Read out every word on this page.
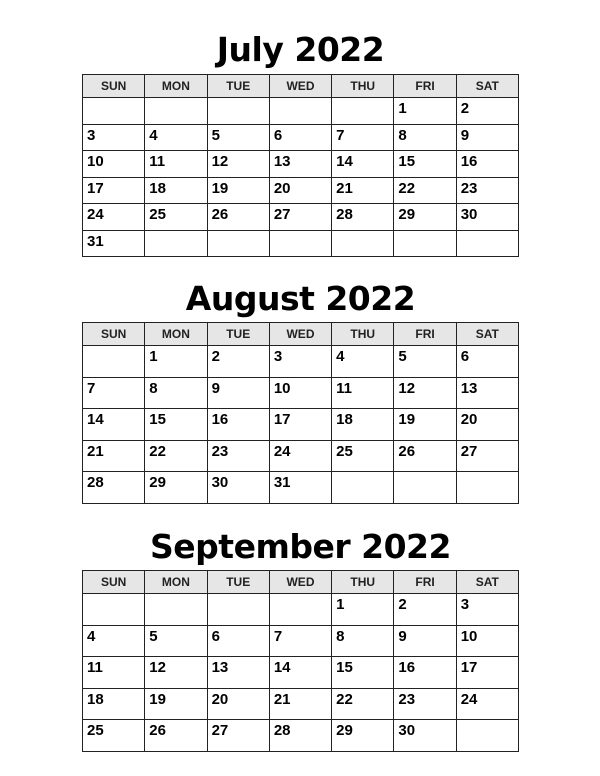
July 2022
SUN	MON	TUE	WED	THU	FRI	SAT
					1	2
3	4	5	6	7	8	9
10	11	12	13	14	15	16
17	18	19	20	21	22	23
24	25	26	27	28	29	30
31						
August 2022
SUN	MON	TUE	WED	THU	FRI	SAT
	1	2	3	4	5	6
7	8	9	10	11	12	13
14	15	16	17	18	19	20
21	22	23	24	25	26	27
28	29	30	31			
September 2022
SUN	MON	TUE	WED	THU	FRI	SAT
				1	2	3
4	5	6	7	8	9	10
11	12	13	14	15	16	17
18	19	20	21	22	23	24
25	26	27	28	29	30	
